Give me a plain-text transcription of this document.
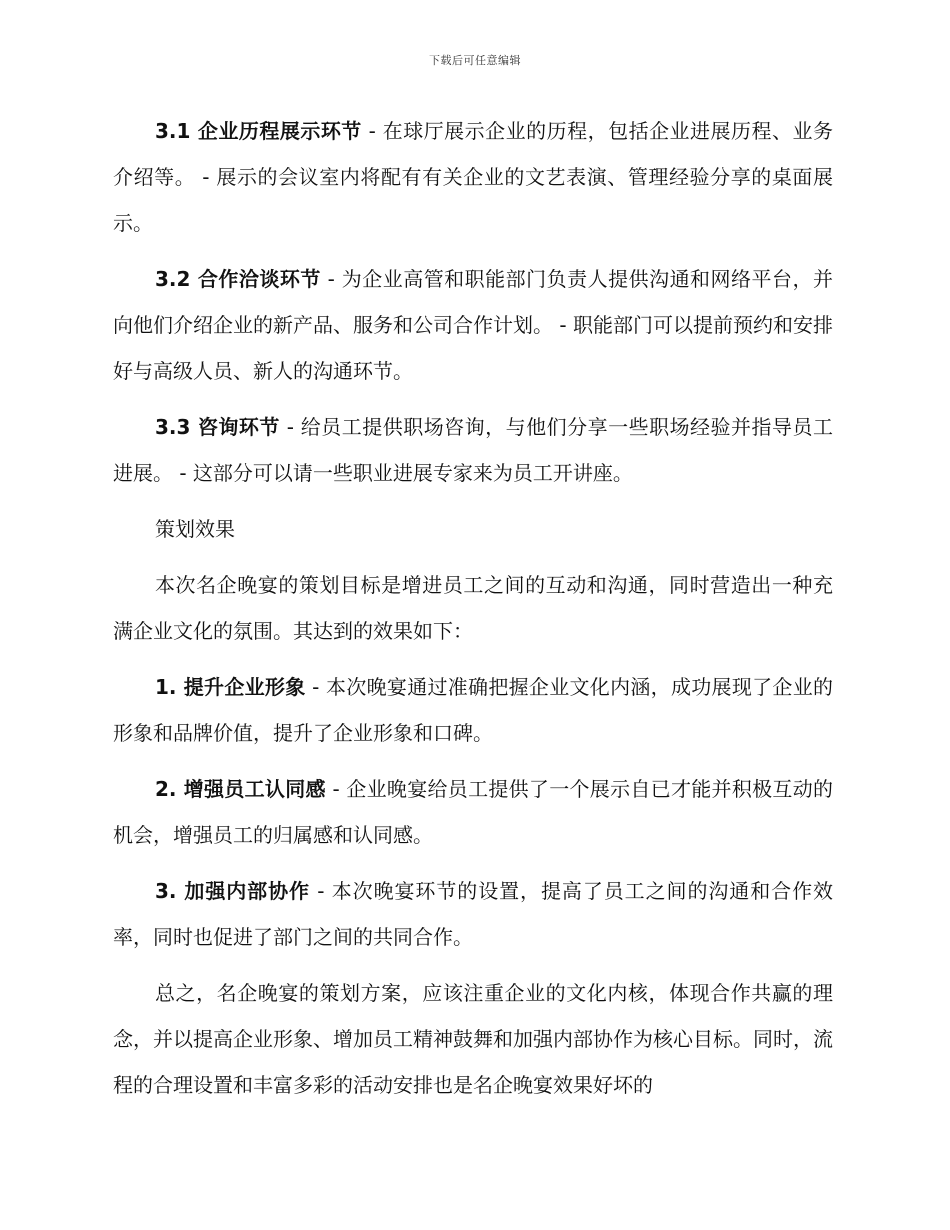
下载后可任意编辑

3.1 企业历程展示环节 - 在球厅展示企业的历程，包括企业进展历程、业务介绍等。 - 展示的会议室内将配有有关企业的文艺表演、管理经验分享的桌面展示。

3.2 合作洽谈环节 - 为企业高管和职能部门负责人提供沟通和网络平台，并向他们介绍企业的新产品、服务和公司合作计划。 - 职能部门可以提前预约和安排好与高级人员、新人的沟通环节。

3.3 咨询环节 - 给员工提供职场咨询，与他们分享一些职场经验并指导员工进展。 - 这部分可以请一些职业进展专家来为员工开讲座。

策划效果

本次名企晚宴的策划目标是增进员工之间的互动和沟通，同时营造出一种充满企业文化的氛围。其达到的效果如下：

1. 提升企业形象 - 本次晚宴通过准确把握企业文化内涵，成功展现了企业的形象和品牌价值，提升了企业形象和口碑。

2. 增强员工认同感 - 企业晚宴给员工提供了一个展示自已才能并积极互动的机会，增强员工的归属感和认同感。

3. 加强内部协作 - 本次晚宴环节的设置，提高了员工之间的沟通和合作效率，同时也促进了部门之间的共同合作。

总之，名企晚宴的策划方案，应该注重企业的文化内核，体现合作共赢的理念，并以提高企业形象、增加员工精神鼓舞和加强内部协作为核心目标。同时，流程的合理设置和丰富多彩的活动安排也是名企晚宴效果好坏的
